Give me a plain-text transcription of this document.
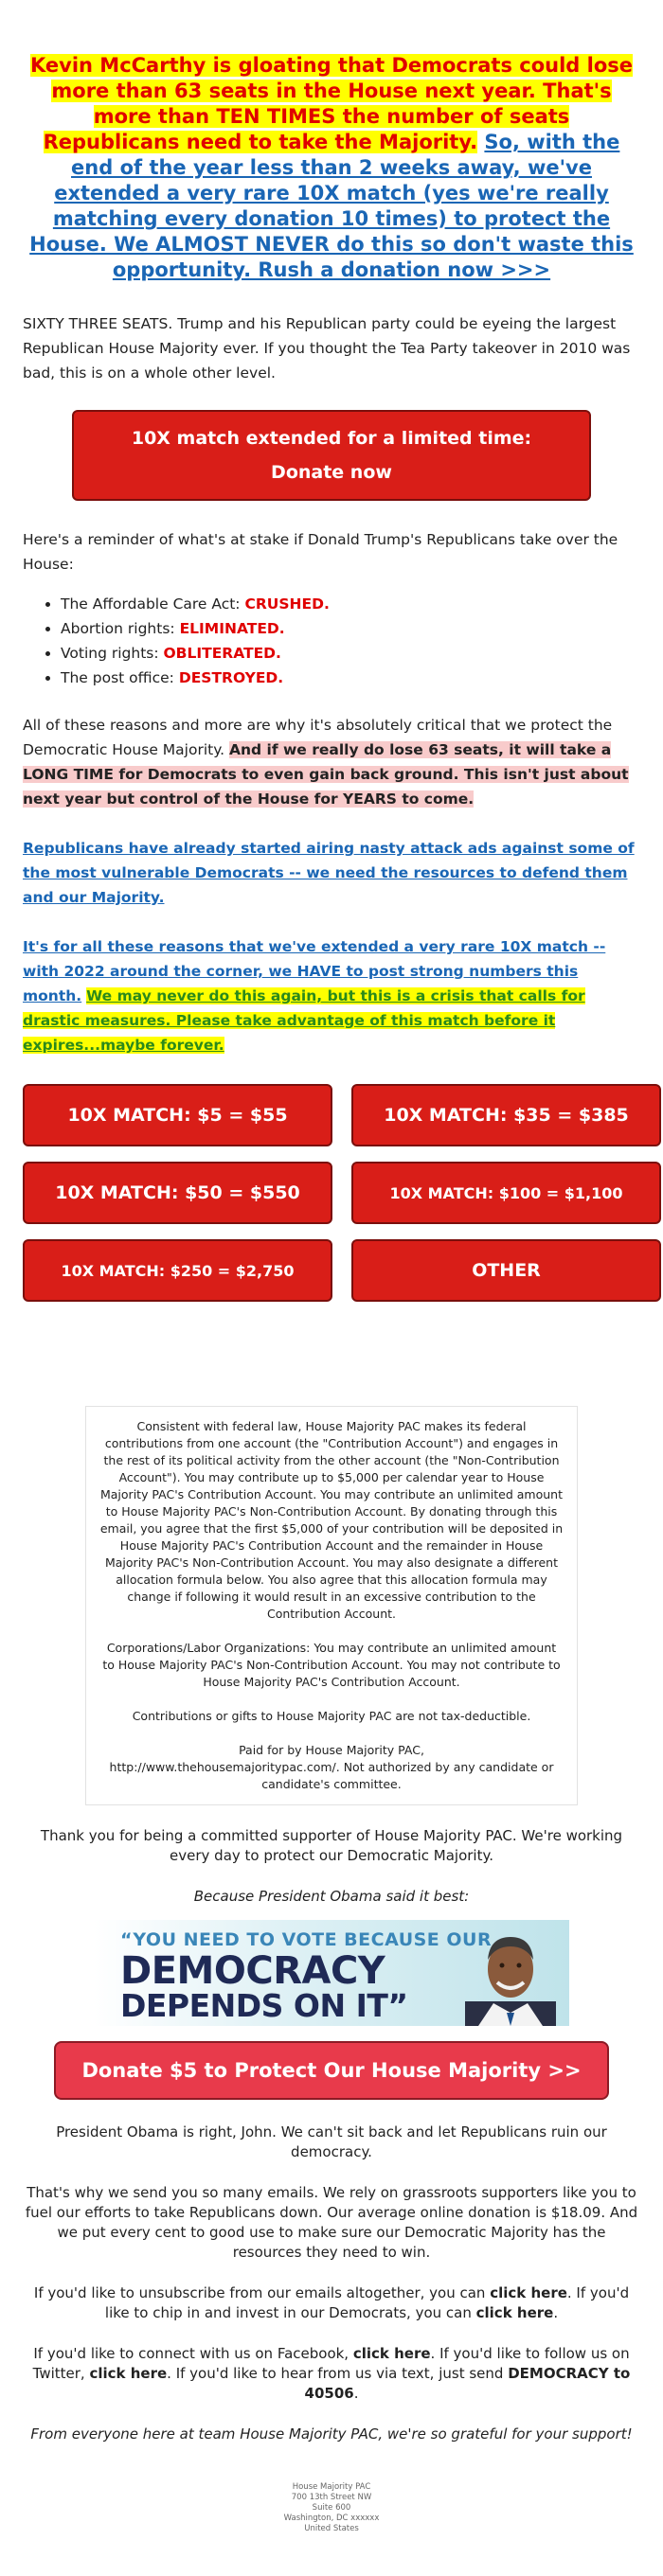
Kevin McCarthy is gloating that Democrats could lose more than 63 seats in the House next year. That's more than TEN TIMES the number of seats Republicans need to take the Majority. So, with the end of the year less than 2 weeks away, we've extended a very rare 10X match (yes we're really matching every donation 10 times) to protect the House. We ALMOST NEVER do this so don't waste this opportunity. Rush a donation now >>>

SIXTY THREE SEATS. Trump and his Republican party could be eyeing the largest Republican House Majority ever. If you thought the Tea Party takeover in 2010 was bad, this is on a whole other level.

10X match extended for a limited time: Donate now

Here's a reminder of what's at stake if Donald Trump's Republicans take over the House:

• The Affordable Care Act: CRUSHED.
• Abortion rights: ELIMINATED.
• Voting rights: OBLITERATED.
• The post office: DESTROYED.

All of these reasons and more are why it's absolutely critical that we protect the Democratic House Majority. And if we really do lose 63 seats, it will take a LONG TIME for Democrats to even gain back ground. This isn't just about next year but control of the House for YEARS to come.

Republicans have already started airing nasty attack ads against some of the most vulnerable Democrats -- we need the resources to defend them and our Majority.

It's for all these reasons that we've extended a very rare 10X match -- with 2022 around the corner, we HAVE to post strong numbers this month. We may never do this again, but this is a crisis that calls for drastic measures. Please take advantage of this match before it expires...maybe forever.

10X MATCH: $5 = $55	10X MATCH: $35 = $385
10X MATCH: $50 = $550	10X MATCH: $100 = $1,100
10X MATCH: $250 = $2,750	OTHER

Consistent with federal law, House Majority PAC makes its federal contributions from one account (the "Contribution Account") and engages in the rest of its political activity from the other account (the "Non-Contribution Account"). You may contribute up to $5,000 per calendar year to House Majority PAC's Contribution Account. You may contribute an unlimited amount to House Majority PAC's Non-Contribution Account. By donating through this email, you agree that the first $5,000 of your contribution will be deposited in House Majority PAC's Contribution Account and the remainder in House Majority PAC's Non-Contribution Account. You may also designate a different allocation formula below. You also agree that this allocation formula may change if following it would result in an excessive contribution to the Contribution Account.

Corporations/Labor Organizations: You may contribute an unlimited amount to House Majority PAC's Non-Contribution Account. You may not contribute to House Majority PAC's Contribution Account.

Contributions or gifts to House Majority PAC are not tax-deductible.

Paid for by House Majority PAC,
http://www.thehousemajoritypac.com/. Not authorized by any candidate or candidate's committee.

Thank you for being a committed supporter of House Majority PAC. We're working every day to protect our Democratic Majority.

Because President Obama said it best:

“YOU NEED TO VOTE BECAUSE OUR
DEMOCRACY
DEPENDS ON IT”
Donate $5 to Protect Our House Majority >>

President Obama is right, John. We can't sit back and let Republicans ruin our democracy.

That's why we send you so many emails. We rely on grassroots supporters like you to fuel our efforts to take Republicans down. Our average online donation is $18.09. And we put every cent to good use to make sure our Democratic Majority has the resources they need to win.

If you'd like to unsubscribe from our emails altogether, you can click here. If you'd like to chip in and invest in our Democrats, you can click here.

If you'd like to connect with us on Facebook, click here. If you'd like to follow us on Twitter, click here. If you'd like to hear from us via text, just send DEMOCRACY to 40506.

From everyone here at team House Majority PAC, we're so grateful for your support!

House Majority PAC
700 13th Street NW
Suite 600
Washington, DC xxxxxx
United States
